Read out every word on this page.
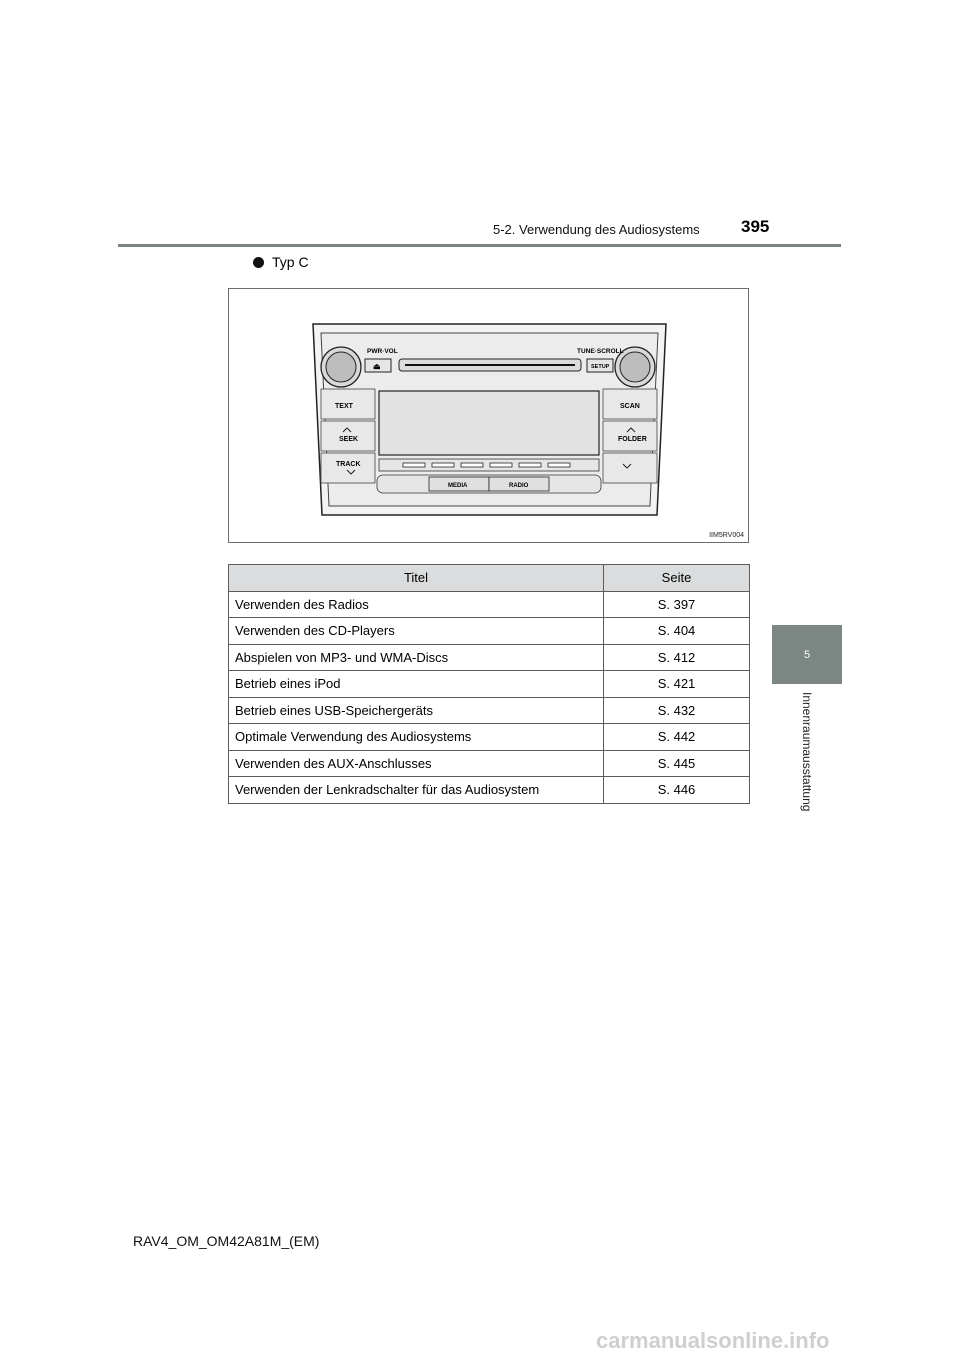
5-2. Verwendung des Audiosystems 395
Typ C
PWR·VOL	TUNE·SCROLL
⏏	SETUP
TEXT
SEEK
TRACK
SCAN
FOLDER
MEDIA	RADIO
IIM5RV004
Titel	Seite
Verwenden des Radios	S. 397
Verwenden des CD-Players	S. 404
Abspielen von MP3- und WMA-Discs	S. 412
Betrieb eines iPod	S. 421
Betrieb eines USB-Speichergeräts	S. 432
Optimale Verwendung des Audiosystems	S. 442
Verwenden des AUX-Anschlusses	S. 445
Verwenden der Lenkradschalter für das Audiosystem	S. 446
5
Innenraumausstattung
RAV4_OM_OM42A81M_(EM)
carmanualsonline.info
